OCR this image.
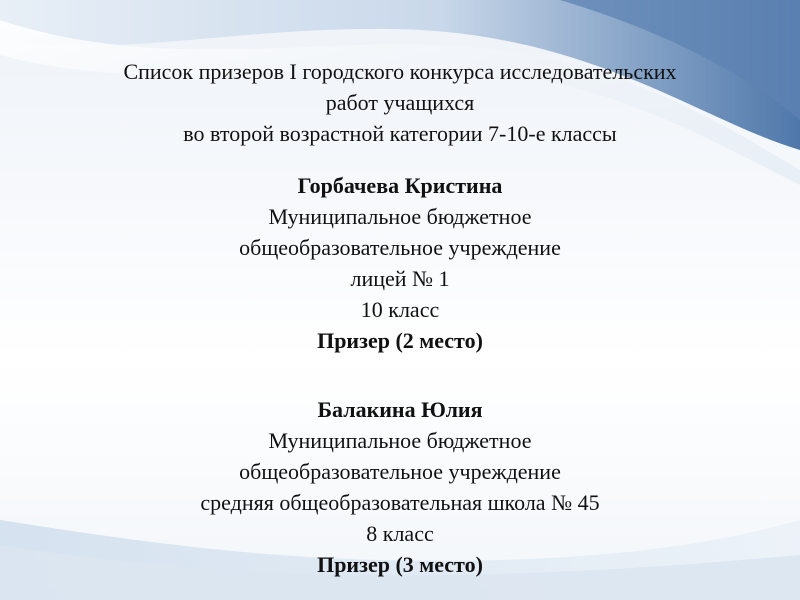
Список призеров I городского конкурса исследовательских
работ учащихся
во второй возрастной категории 7-10-е классы
Горбачева Кристина
Муниципальное бюджетное
общеобразовательное учреждение
лицей № 1
10 класс
Призер (2 место)
Балакина Юлия
Муниципальное бюджетное
общеобразовательное учреждение
средняя общеобразовательная школа № 45
8 класс
Призер (3 место)
